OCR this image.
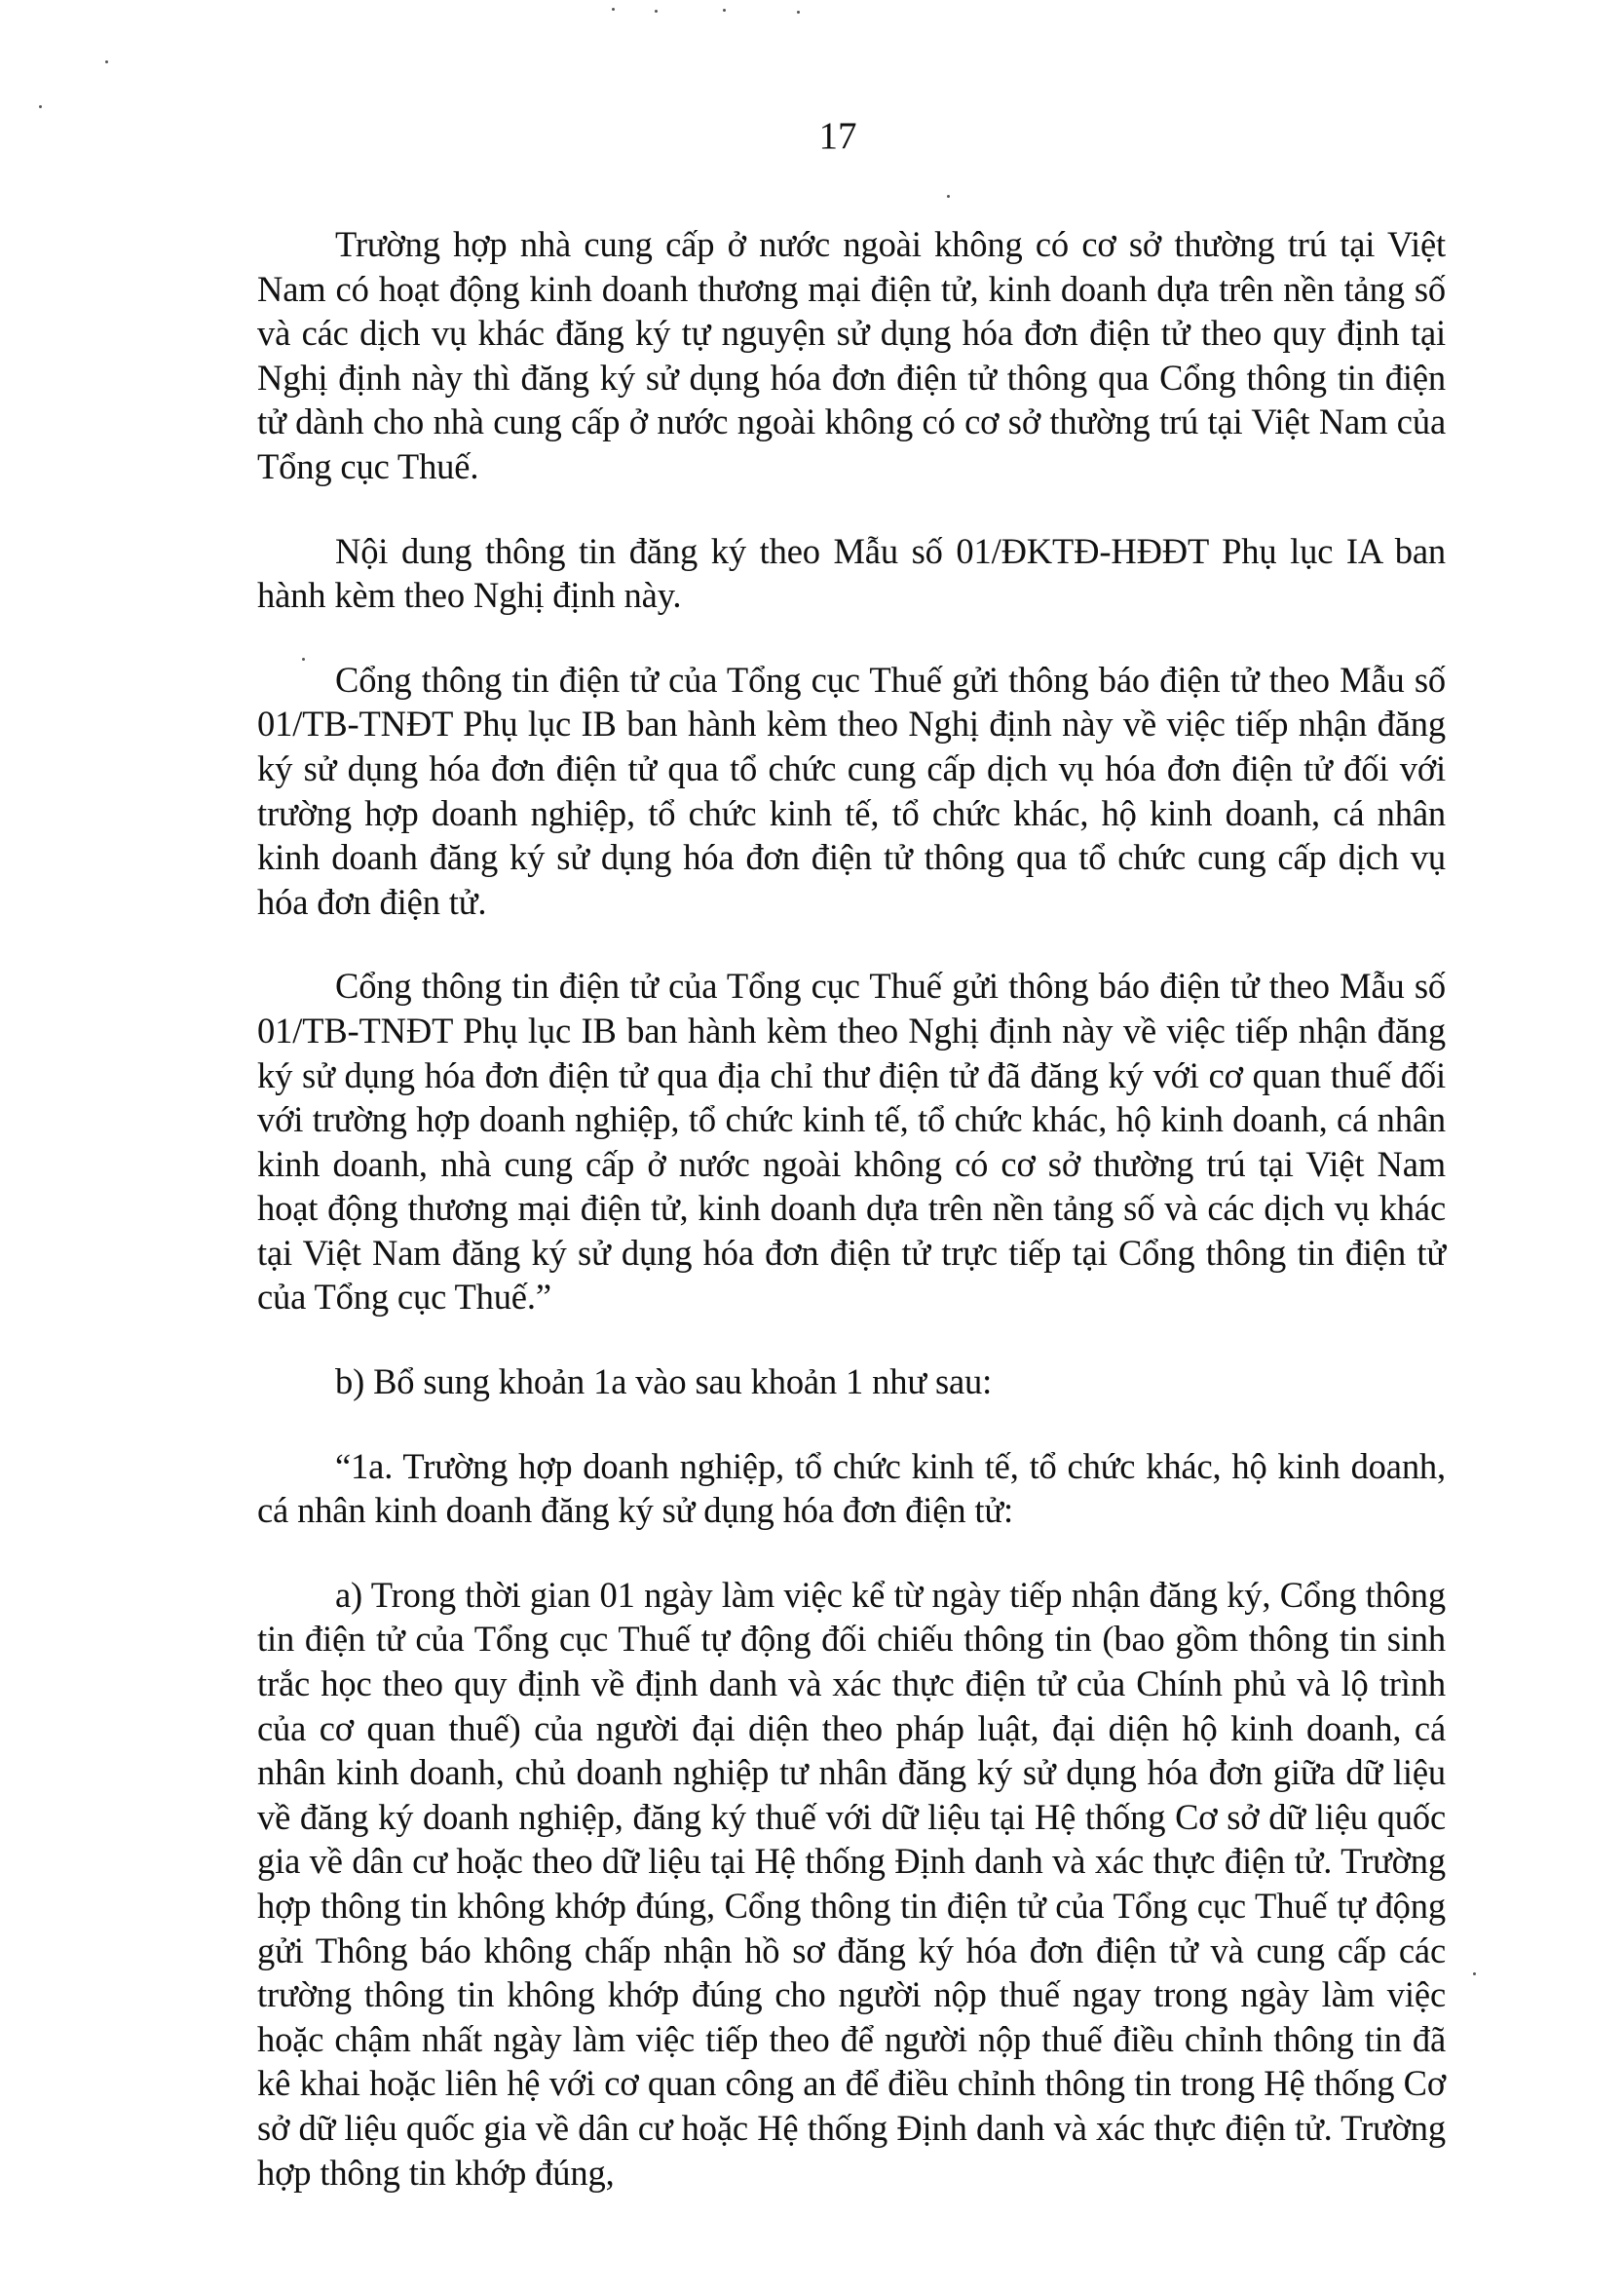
17

Trường hợp nhà cung cấp ở nước ngoài không có cơ sở thường trú tại Việt Nam có hoạt động kinh doanh thương mại điện tử, kinh doanh dựa trên nền tảng số và các dịch vụ khác đăng ký tự nguyện sử dụng hóa đơn điện tử theo quy định tại Nghị định này thì đăng ký sử dụng hóa đơn điện tử thông qua Cổng thông tin điện tử dành cho nhà cung cấp ở nước ngoài không có cơ sở thường trú tại Việt Nam của Tổng cục Thuế.

Nội dung thông tin đăng ký theo Mẫu số 01/ĐKTĐ-HĐĐT Phụ lục IA ban hành kèm theo Nghị định này.

Cổng thông tin điện tử của Tổng cục Thuế gửi thông báo điện tử theo Mẫu số 01/TB-TNĐT Phụ lục IB ban hành kèm theo Nghị định này về việc tiếp nhận đăng ký sử dụng hóa đơn điện tử qua tổ chức cung cấp dịch vụ hóa đơn điện tử đối với trường hợp doanh nghiệp, tổ chức kinh tế, tổ chức khác, hộ kinh doanh, cá nhân kinh doanh đăng ký sử dụng hóa đơn điện tử thông qua tổ chức cung cấp dịch vụ hóa đơn điện tử.

Cổng thông tin điện tử của Tổng cục Thuế gửi thông báo điện tử theo Mẫu số 01/TB-TNĐT Phụ lục IB ban hành kèm theo Nghị định này về việc tiếp nhận đăng ký sử dụng hóa đơn điện tử qua địa chỉ thư điện tử đã đăng ký với cơ quan thuế đối với trường hợp doanh nghiệp, tổ chức kinh tế, tổ chức khác, hộ kinh doanh, cá nhân kinh doanh, nhà cung cấp ở nước ngoài không có cơ sở thường trú tại Việt Nam hoạt động thương mại điện tử, kinh doanh dựa trên nền tảng số và các dịch vụ khác tại Việt Nam đăng ký sử dụng hóa đơn điện tử trực tiếp tại Cổng thông tin điện tử của Tổng cục Thuế.”

b) Bổ sung khoản 1a vào sau khoản 1 như sau:

“1a. Trường hợp doanh nghiệp, tổ chức kinh tế, tổ chức khác, hộ kinh doanh, cá nhân kinh doanh đăng ký sử dụng hóa đơn điện tử:

a) Trong thời gian 01 ngày làm việc kể từ ngày tiếp nhận đăng ký, Cổng thông tin điện tử của Tổng cục Thuế tự động đối chiếu thông tin (bao gồm thông tin sinh trắc học theo quy định về định danh và xác thực điện tử của Chính phủ và lộ trình của cơ quan thuế) của người đại diện theo pháp luật, đại diện hộ kinh doanh, cá nhân kinh doanh, chủ doanh nghiệp tư nhân đăng ký sử dụng hóa đơn giữa dữ liệu về đăng ký doanh nghiệp, đăng ký thuế với dữ liệu tại Hệ thống Cơ sở dữ liệu quốc gia về dân cư hoặc theo dữ liệu tại Hệ thống Định danh và xác thực điện tử. Trường hợp thông tin không khớp đúng, Cổng thông tin điện tử của Tổng cục Thuế tự động gửi Thông báo không chấp nhận hồ sơ đăng ký hóa đơn điện tử và cung cấp các trường thông tin không khớp đúng cho người nộp thuế ngay trong ngày làm việc hoặc chậm nhất ngày làm việc tiếp theo để người nộp thuế điều chỉnh thông tin đã kê khai hoặc liên hệ với cơ quan công an để điều chỉnh thông tin trong Hệ thống Cơ sở dữ liệu quốc gia về dân cư hoặc Hệ thống Định danh và xác thực điện tử. Trường hợp thông tin khớp đúng,
